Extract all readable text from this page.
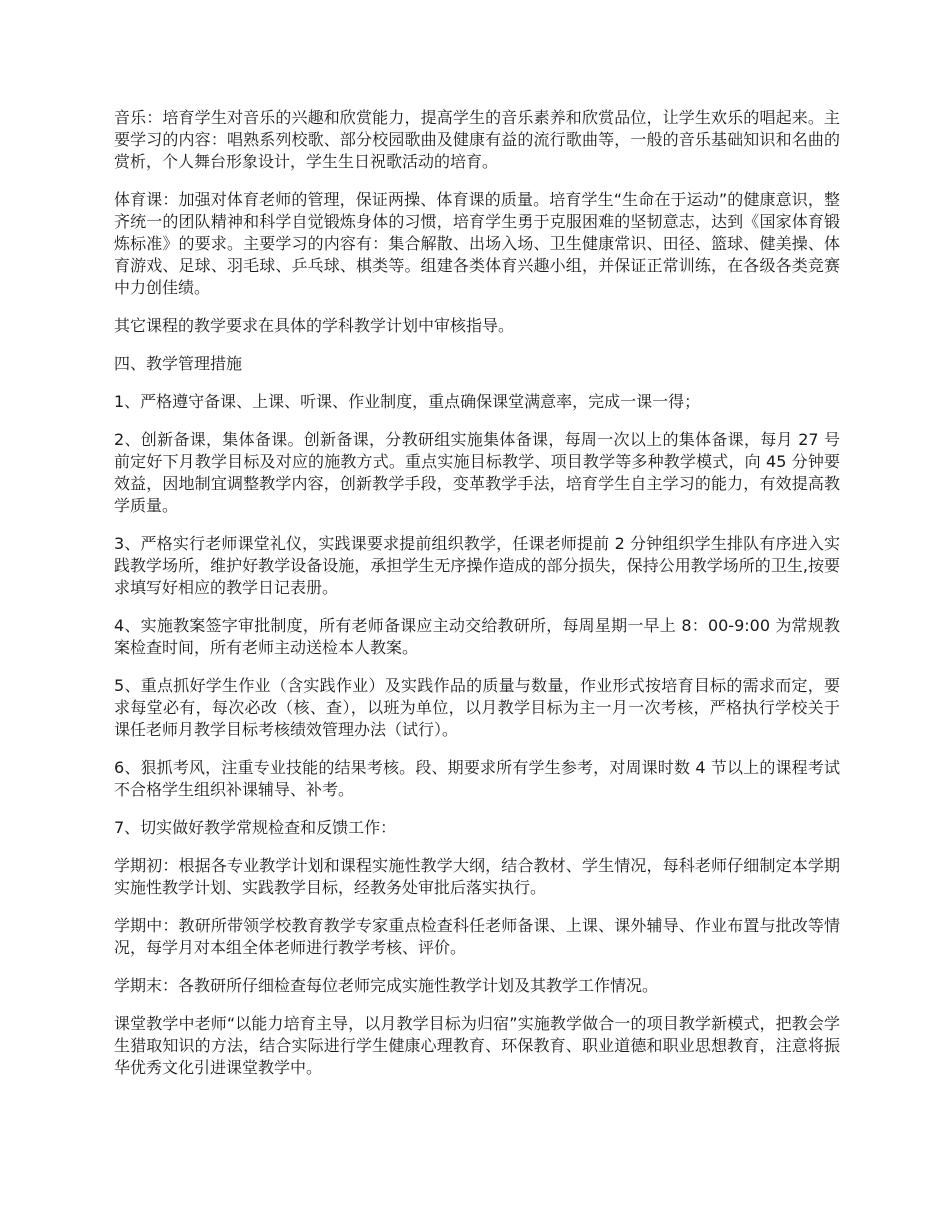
音乐：培育学生对音乐的兴趣和欣赏能力，提高学生的音乐素养和欣赏品位，让学生欢乐的唱起来。主要学习的内容：唱熟系列校歌、部分校园歌曲及健康有益的流行歌曲等，一般的音乐基础知识和名曲的赏析，个人舞台形象设计，学生生日祝歌活动的培育。

体育课：加强对体育老师的管理，保证两操、体育课的质量。培育学生“生命在于运动”的健康意识，整齐统一的团队精神和科学自觉锻炼身体的习惯，培育学生勇于克服困难的坚韧意志，达到《国家体育锻炼标准》的要求。主要学习的内容有：集合解散、出场入场、卫生健康常识、田径、篮球、健美操、体育游戏、足球、羽毛球、乒乓球、棋类等。组建各类体育兴趣小组，并保证正常训练，在各级各类竞赛中力创佳绩。

其它课程的教学要求在具体的学科教学计划中审核指导。

四、教学管理措施

1、严格遵守备课、上课、听课、作业制度，重点确保课堂满意率，完成一课一得；

2、创新备课，集体备课。创新备课，分教研组实施集体备课，每周一次以上的集体备课，每月 27 号前定好下月教学目标及对应的施教方式。重点实施目标教学、项目教学等多种教学模式，向 45 分钟要效益，因地制宜调整教学内容，创新教学手段，变革教学手法，培育学生自主学习的能力，有效提高教学质量。

3、严格实行老师课堂礼仪，实践课要求提前组织教学，任课老师提前 2 分钟组织学生排队有序进入实践教学场所，维护好教学设备设施，承担学生无序操作造成的部分损失，保持公用教学场所的卫生,按要求填写好相应的教学日记表册。

4、实施教案签字审批制度，所有老师备课应主动交给教研所，每周星期一早上 8：00-9:00 为常规教案检查时间，所有老师主动送检本人教案。

5、重点抓好学生作业（含实践作业）及实践作品的质量与数量，作业形式按培育目标的需求而定，要求每堂必有，每次必改（核、查），以班为单位，以月教学目标为主一月一次考核，严格执行学校关于课任老师月教学目标考核绩效管理办法（试行）。

6、狠抓考风，注重专业技能的结果考核。段、期要求所有学生参考，对周课时数 4 节以上的课程考试不合格学生组织补课辅导、补考。

7、切实做好教学常规检查和反馈工作：

学期初：根据各专业教学计划和课程实施性教学大纲，结合教材、学生情况，每科老师仔细制定本学期实施性教学计划、实践教学目标，经教务处审批后落实执行。

学期中：教研所带领学校教育教学专家重点检查科任老师备课、上课、课外辅导、作业布置与批改等情况，每学月对本组全体老师进行教学考核、评价。

学期末：各教研所仔细检查每位老师完成实施性教学计划及其教学工作情况。

课堂教学中老师“以能力培育主导，以月教学目标为归宿”实施教学做合一的项目教学新模式，把教会学生猎取知识的方法，结合实际进行学生健康心理教育、环保教育、职业道德和职业思想教育，注意将振华优秀文化引进课堂教学中。
